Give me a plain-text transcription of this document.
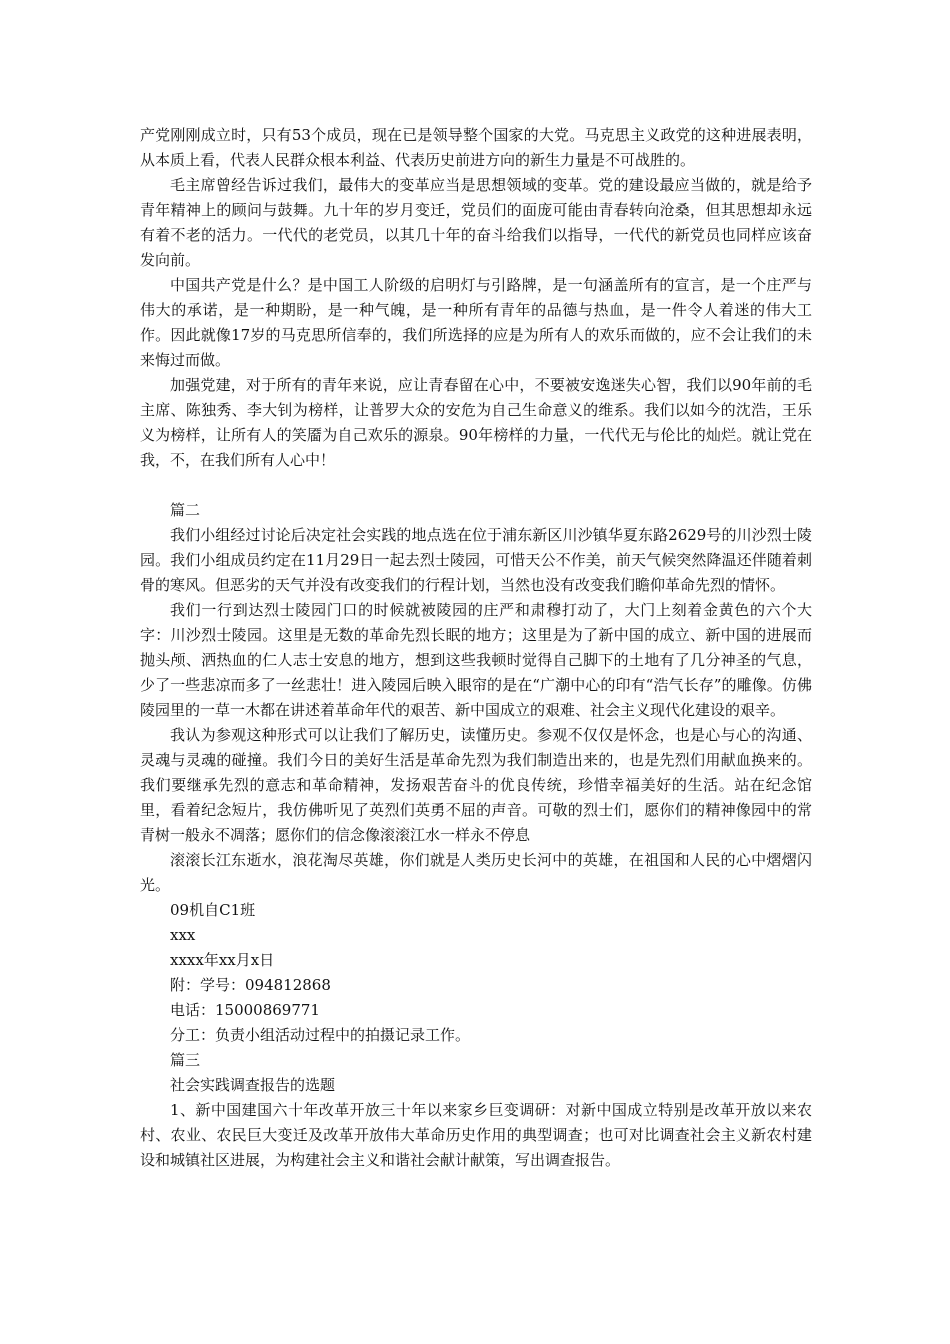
产党刚刚成立时，只有53个成员，现在已是领导整个国家的大党。马克思主义政党的这种进展表明，从本质上看，代表人民群众根本利益、代表历史前进方向的新生力量是不可战胜的。

毛主席曾经告诉过我们，最伟大的变革应当是思想领域的变革。党的建设最应当做的，就是给予青年精神上的顾问与鼓舞。九十年的岁月变迁，党员们的面庞可能由青春转向沧桑，但其思想却永远有着不老的活力。一代代的老党员，以其几十年的奋斗给我们以指导，一代代的新党员也同样应该奋发向前。

中国共产党是什么？是中国工人阶级的启明灯与引路牌，是一句涵盖所有的宣言，是一个庄严与伟大的承诺，是一种期盼，是一种气魄，是一种所有青年的品德与热血，是一件令人着迷的伟大工作。因此就像17岁的马克思所信奉的，我们所选择的应是为所有人的欢乐而做的，应不会让我们的未来悔过而做。

加强党建，对于所有的青年来说，应让青春留在心中，不要被安逸迷失心智，我们以90年前的毛主席、陈独秀、李大钊为榜样，让普罗大众的安危为自己生命意义的维系。我们以如今的沈浩，王乐义为榜样，让所有人的笑靥为自己欢乐的源泉。90年榜样的力量，一代代无与伦比的灿烂。就让党在我，不，在我们所有人心中！

篇二

我们小组经过讨论后决定社会实践的地点选在位于浦东新区川沙镇华夏东路2629号的川沙烈士陵园。我们小组成员约定在11月29日一起去烈士陵园，可惜天公不作美，前天气候突然降温还伴随着刺骨的寒风。但恶劣的天气并没有改变我们的行程计划，当然也没有改变我们瞻仰革命先烈的情怀。

我们一行到达烈士陵园门口的时候就被陵园的庄严和肃穆打动了，大门上刻着金黄色的六个大字：川沙烈士陵园。这里是无数的革命先烈长眠的地方；这里是为了新中国的成立、新中国的进展而抛头颅、洒热血的仁人志士安息的地方，想到这些我顿时觉得自己脚下的土地有了几分神圣的气息，少了一些悲凉而多了一丝悲壮！进入陵园后映入眼帘的是在“广潮中心的印有“浩气长存”的雕像。仿佛陵园里的一草一木都在讲述着革命年代的艰苦、新中国成立的艰难、社会主义现代化建设的艰辛。

我认为参观这种形式可以让我们了解历史，读懂历史。参观不仅仅是怀念，也是心与心的沟通、灵魂与灵魂的碰撞。我们今日的美好生活是革命先烈为我们制造出来的，也是先烈们用献血换来的。我们要继承先烈的意志和革命精神，发扬艰苦奋斗的优良传统，珍惜幸福美好的生活。站在纪念馆里，看着纪念短片，我仿佛听见了英烈们英勇不屈的声音。可敬的烈士们，愿你们的精神像园中的常青树一般永不凋落；愿你们的信念像滚滚江水一样永不停息

滚滚长江东逝水，浪花淘尽英雄，你们就是人类历史长河中的英雄，在祖国和人民的心中熠熠闪光。

09机自C1班

xxx

xxxx年xx月x日

附：学号：094812868

电话：15000869771

分工：负责小组活动过程中的拍摄记录工作。

篇三

社会实践调查报告的选题

1、新中国建国六十年改革开放三十年以来家乡巨变调研：对新中国成立特别是改革开放以来农村、农业、农民巨大变迁及改革开放伟大革命历史作用的典型调查；也可对比调查社会主义新农村建设和城镇社区进展，为构建社会主义和谐社会献计献策，写出调查报告。
